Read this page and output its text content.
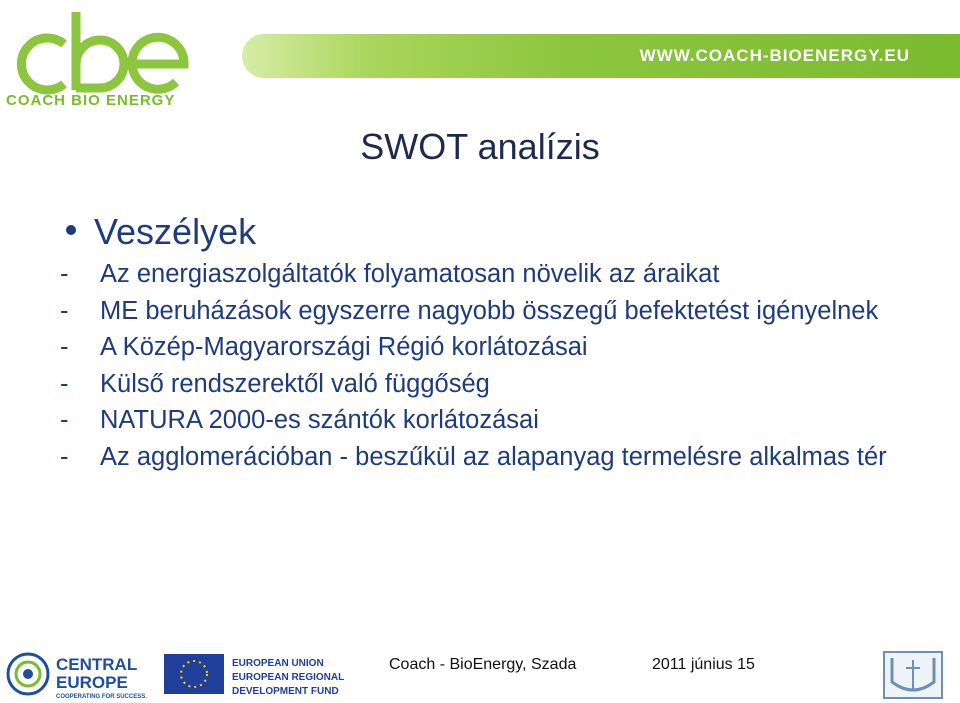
COACH BIO ENERGY
WWW.COACH-BIOENERGY.EU
SWOT analízis
Veszélyek
- Az energiaszolgáltatók folyamatosan növelik az áraikat
- ME beruházások egyszerre nagyobb összegű befektetést igényelnek
- A Közép-Magyarországi Régió korlátozásai
- Külső rendszerektől való függőség
- NATURA 2000-es szántók korlátozásai
- Az agglomerációban - beszűkül az alapanyag termelésre alkalmas tér
CENTRAL
EUROPE
COOPERATING FOR SUCCESS.
EUROPEAN UNION
EUROPEAN REGIONAL
DEVELOPMENT FUND
Coach - BioEnergy, Szada	2011 június 15
